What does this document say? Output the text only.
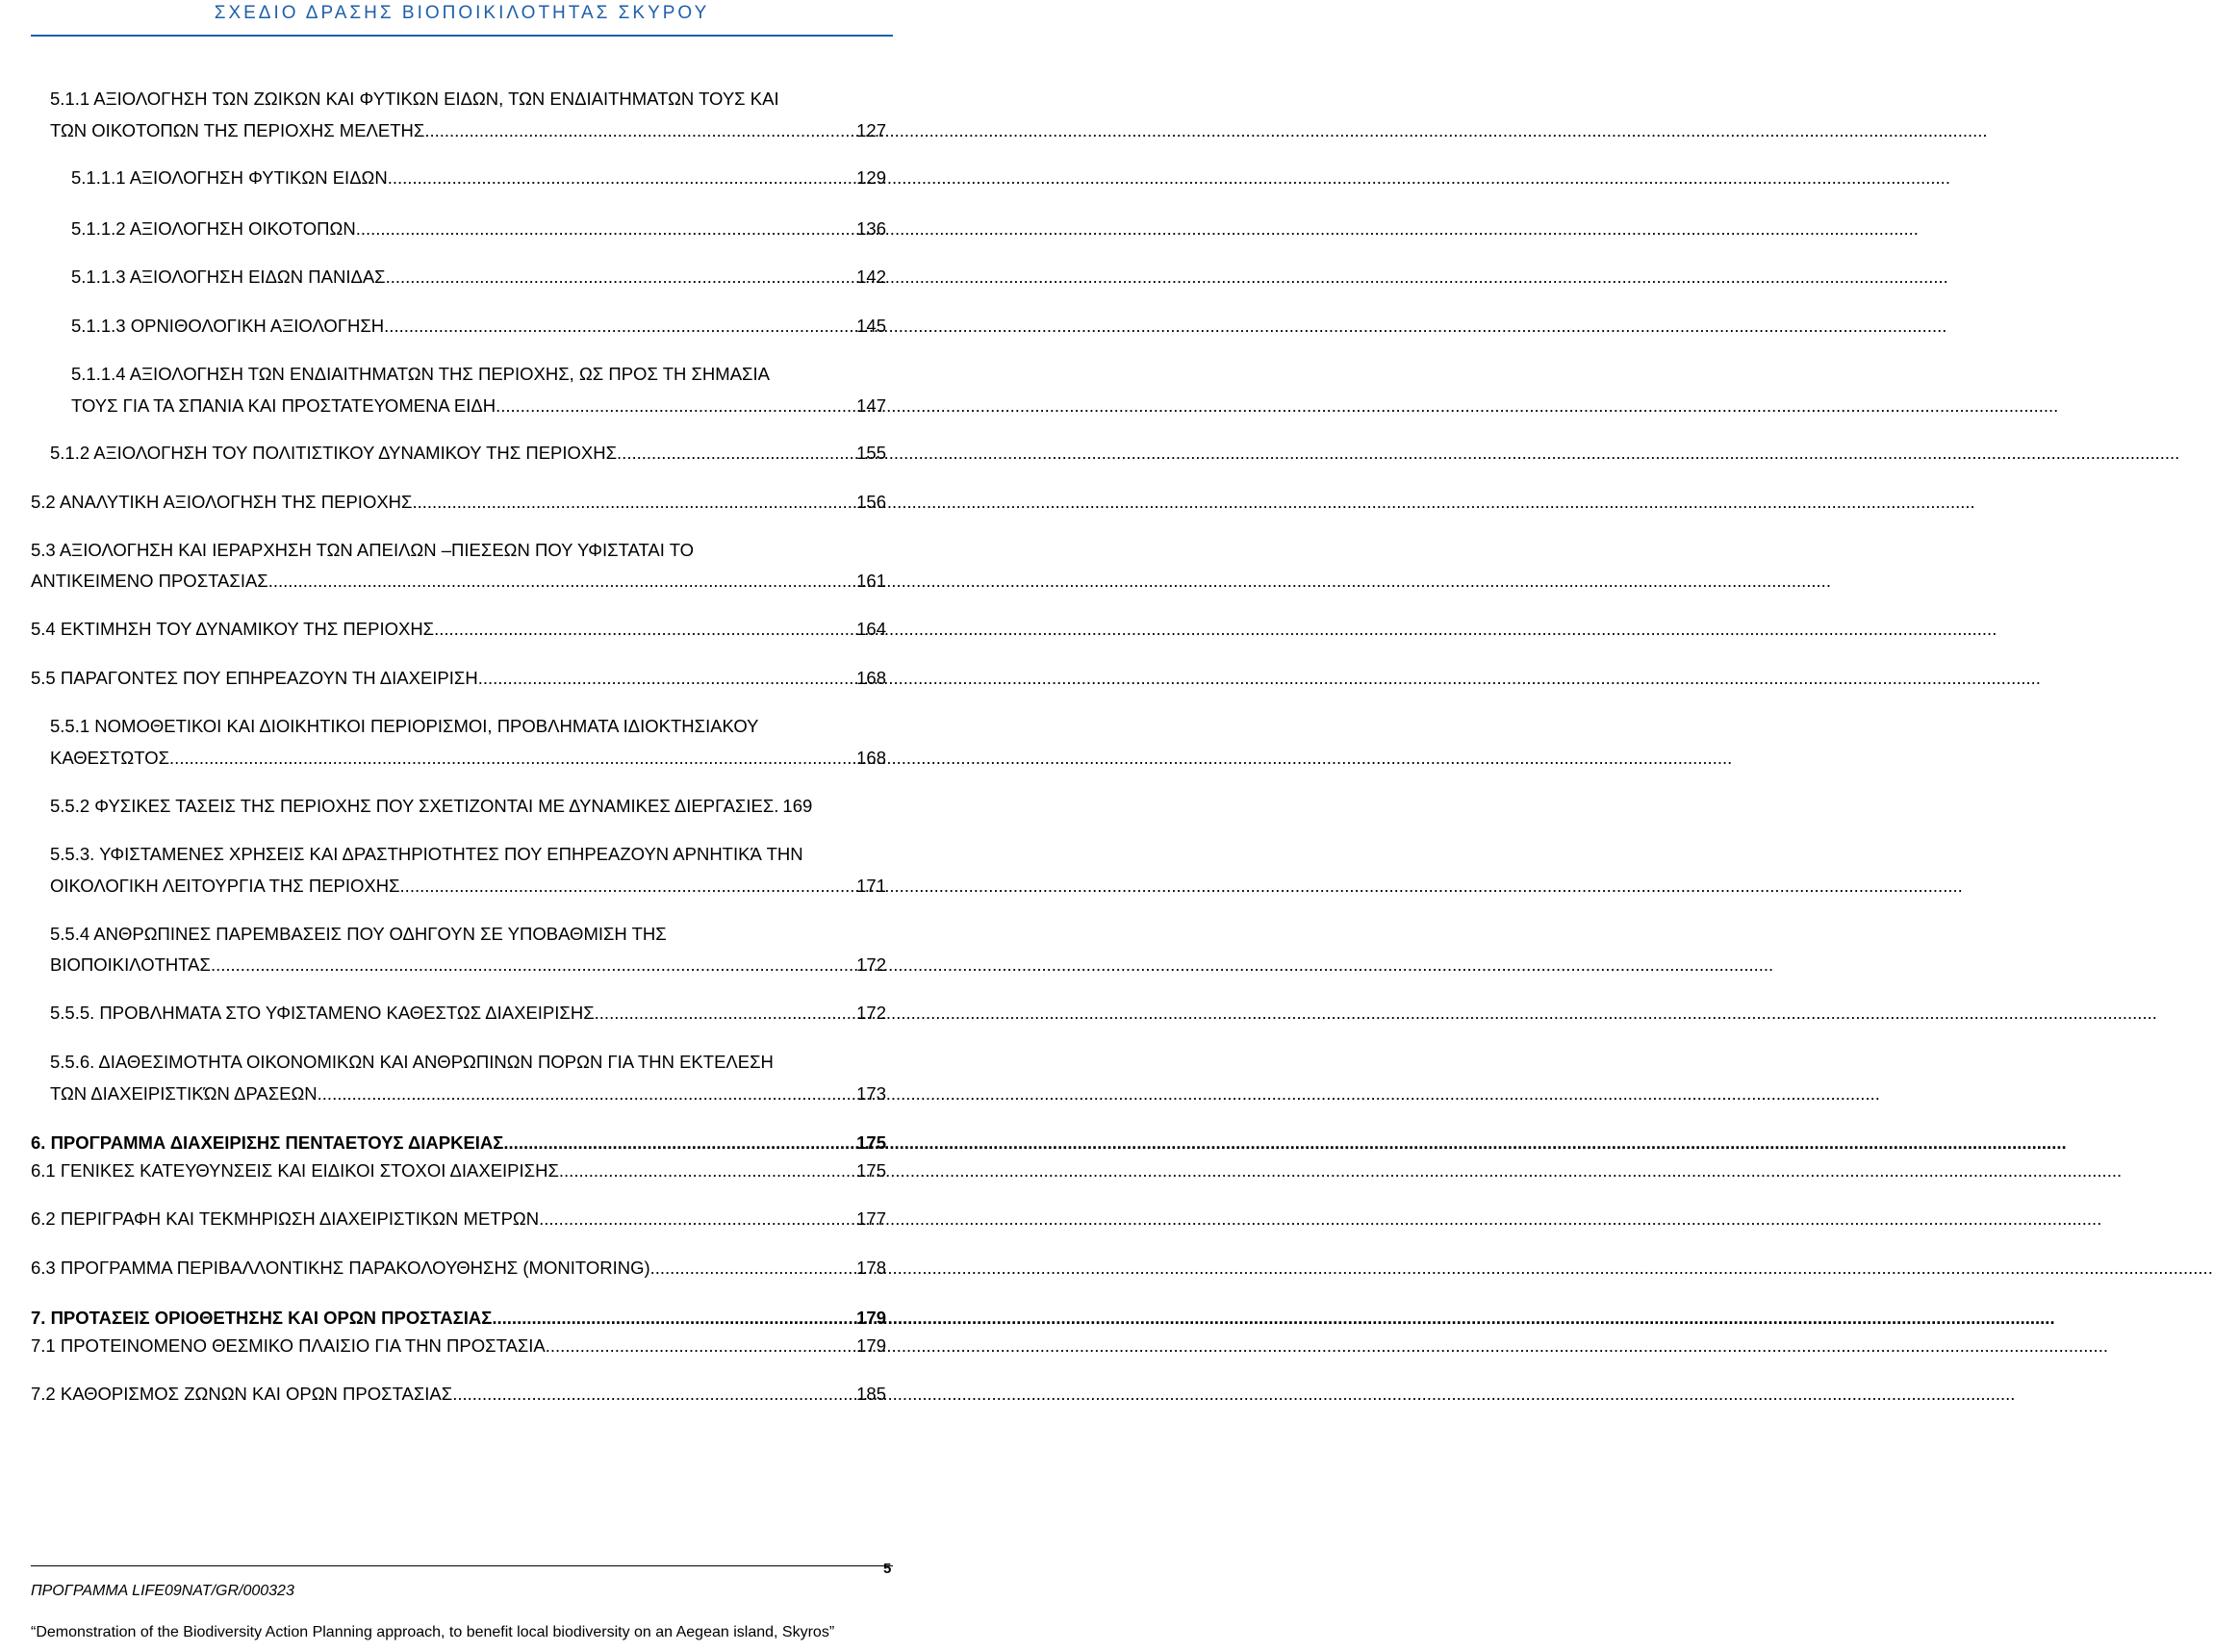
ΣΧΕΔΙΟ ΔΡΑΣΗΣ ΒΙΟΠΟΙΚΙΛΟΤΗΤΑΣ ΣΚΥΡΟΥ
5.1.1 ΑΞΙΟΛΟΓΗΣΗ ΤΩΝ ΖΩΙΚΩΝ ΚΑΙ ΦΥΤΙΚΩΝ ΕΙΔΩΝ, ΤΩΝ ΕΝΔΙΑΙΤΗΜΑΤΩΝ ΤΟΥΣ ΚΑΙ
ΤΩΝ ΟΙΚΟΤΟΠΩΝ ΤΗΣ ΠΕΡΙΟΧΗΣ ΜΕΛΕΤΗΣ .....	127
5.1.1.1 ΑΞΙΟΛΟΓΗΣΗ ΦΥΤΙΚΩΝ ΕΙΔΩΝ .....	129
5.1.1.2 ΑΞΙΟΛΟΓΗΣΗ ΟΙΚΟΤΟΠΩΝ .....	136
5.1.1.3 ΑΞΙΟΛΟΓΗΣΗ ΕΙΔΩΝ ΠΑΝΙΔΑΣ .....	142
5.1.1.3 ΟΡΝΙΘΟΛΟΓΙΚΗ ΑΞΙΟΛΟΓΗΣΗ .....	145
5.1.1.4 ΑΞΙΟΛΟΓΗΣΗ ΤΩΝ ΕΝΔΙΑΙΤΗΜΑΤΩΝ ΤΗΣ ΠΕΡΙΟΧΗΣ, ΩΣ ΠΡΟΣ ΤΗ ΣΗΜΑΣΙΑ
ΤΟΥΣ ΓΙΑ ΤΑ ΣΠΑΝΙΑ ΚΑΙ ΠΡΟΣΤΑΤΕΥΟΜΕΝΑ ΕΙΔΗ .....	147
5.1.2 ΑΞΙΟΛΟΓΗΣΗ ΤΟΥ ΠΟΛΙΤΙΣΤΙΚΟΥ ΔΥΝΑΜΙΚΟΥ ΤΗΣ ΠΕΡΙΟΧΗΣ .....	155
5.2 ΑΝΑΛΥΤΙΚΗ ΑΞΙΟΛΟΓΗΣΗ ΤΗΣ ΠΕΡΙΟΧΗΣ .....	156
5.3 ΑΞΙΟΛΟΓΗΣΗ ΚΑΙ ΙΕΡΑΡΧΗΣΗ ΤΩΝ ΑΠΕΙΛΩΝ –ΠΙΕΣΕΩΝ ΠΟΥ ΥΦΙΣΤΑΤΑΙ ΤΟ
ΑΝΤΙΚΕΙΜΕΝΟ ΠΡΟΣΤΑΣΙΑΣ .....	161
5.4 ΕΚΤΙΜΗΣΗ ΤΟΥ ΔΥΝΑΜΙΚΟΥ ΤΗΣ ΠΕΡΙΟΧΗΣ .....	164
5.5 ΠΑΡΑΓΟΝΤΕΣ ΠΟΥ ΕΠΗΡΕΑΖΟΥΝ ΤΗ ΔΙΑΧΕΙΡΙΣΗ .....	168
5.5.1 ΝΟΜΟΘΕΤΙΚΟΙ ΚΑΙ ΔΙΟΙΚΗΤΙΚΟΙ ΠΕΡΙΟΡΙΣΜΟΙ, ΠΡΟΒΛΗΜΑΤΑ ΙΔΙΟΚΤΗΣΙΑΚΟΥ
ΚΑΘΕΣΤΩΤΟΣ .....	168
5.5.2 ΦΥΣΙΚΕΣ ΤΑΣΕΙΣ ΤΗΣ ΠΕΡΙΟΧΗΣ ΠΟΥ ΣΧΕΤΙΖΟΝΤΑΙ ΜΕ ΔΥΝΑΜΙΚΕΣ ΔΙΕΡΓΑΣΙΕΣ. 169
5.5.3. ΥΦΙΣΤΑΜΕΝΕΣ ΧΡΗΣΕΙΣ ΚΑΙ ΔΡΑΣΤΗΡΙΟΤΗΤΕΣ ΠΟΥ ΕΠΗΡΕΑΖΟΥΝ ΑΡΝΗΤΙΚΆ ΤΗΝ
ΟΙΚΟΛΟΓΙΚΗ ΛΕΙΤΟΥΡΓΙΑ ΤΗΣ ΠΕΡΙΟΧΗΣ .....	171
5.5.4 ΑΝΘΡΩΠΙΝΕΣ ΠΑΡΕΜΒΑΣΕΙΣ ΠΟΥ ΟΔΗΓΟΥΝ ΣΕ ΥΠΟΒΑΘΜΙΣΗ ΤΗΣ
ΒΙΟΠΟΙΚΙΛΟΤΗΤΑΣ .....	172
5.5.5. ΠΡΟΒΛΗΜΑΤΑ ΣΤΟ ΥΦΙΣΤΑΜΕΝΟ ΚΑΘΕΣΤΩΣ ΔΙΑΧΕΙΡΙΣΗΣ .....	172
5.5.6. ΔΙΑΘΕΣΙΜΟΤΗΤΑ ΟΙΚΟΝΟΜΙΚΩΝ ΚΑΙ ΑΝΘΡΩΠΙΝΩΝ ΠΟΡΩΝ ΓΙΑ ΤΗΝ ΕΚΤΕΛΕΣΗ
ΤΩΝ ΔΙΑΧΕΙΡΙΣΤΙΚΏΝ ΔΡΑΣΕΩΝ .....	173
6. ΠΡΟΓΡΑΜΜΑ ΔΙΑΧΕΙΡΙΣΗΣ ΠΕΝΤΑΕΤΟΥΣ ΔΙΑΡΚΕΙΑΣ .....	175
6.1 ΓΕΝΙΚΕΣ ΚΑΤΕΥΘΥΝΣΕΙΣ ΚΑΙ ΕΙΔΙΚΟΙ ΣΤΟΧΟΙ ΔΙΑΧΕΙΡΙΣΗΣ .....	175
6.2 ΠΕΡΙΓΡΑΦΗ ΚΑΙ ΤΕΚΜΗΡΙΩΣΗ ΔΙΑΧΕΙΡΙΣΤΙΚΩΝ ΜΕΤΡΩΝ .....	177
6.3 ΠΡΟΓΡΑΜΜΑ ΠΕΡΙΒΑΛΛΟΝΤΙΚΗΣ ΠΑΡΑΚΟΛΟΥΘΗΣΗΣ (MONITORING) .....	178
7. ΠΡΟΤΑΣΕΙΣ ΟΡΙΟΘΕΤΗΣΗΣ ΚΑΙ ΟΡΩΝ ΠΡΟΣΤΑΣΙΑΣ .....	179
7.1 ΠΡΟΤΕΙΝΟΜΕΝΟ ΘΕΣΜΙΚΟ ΠΛΑΙΣΙΟ ΓΙΑ ΤΗΝ ΠΡΟΣΤΑΣΙΑ .....	179
7.2 ΚΑΘΟΡΙΣΜΟΣ ΖΩΝΩΝ ΚΑΙ ΟΡΩΝ ΠΡΟΣΤΑΣΙΑΣ .....	185
ΠΡΟΓΡΑΜΜΑ LIFE09NAT/GR/000323
“Demonstration of the Biodiversity Action Planning approach, to benefit local biodiversity on an Aegean island, Skyros”
5
